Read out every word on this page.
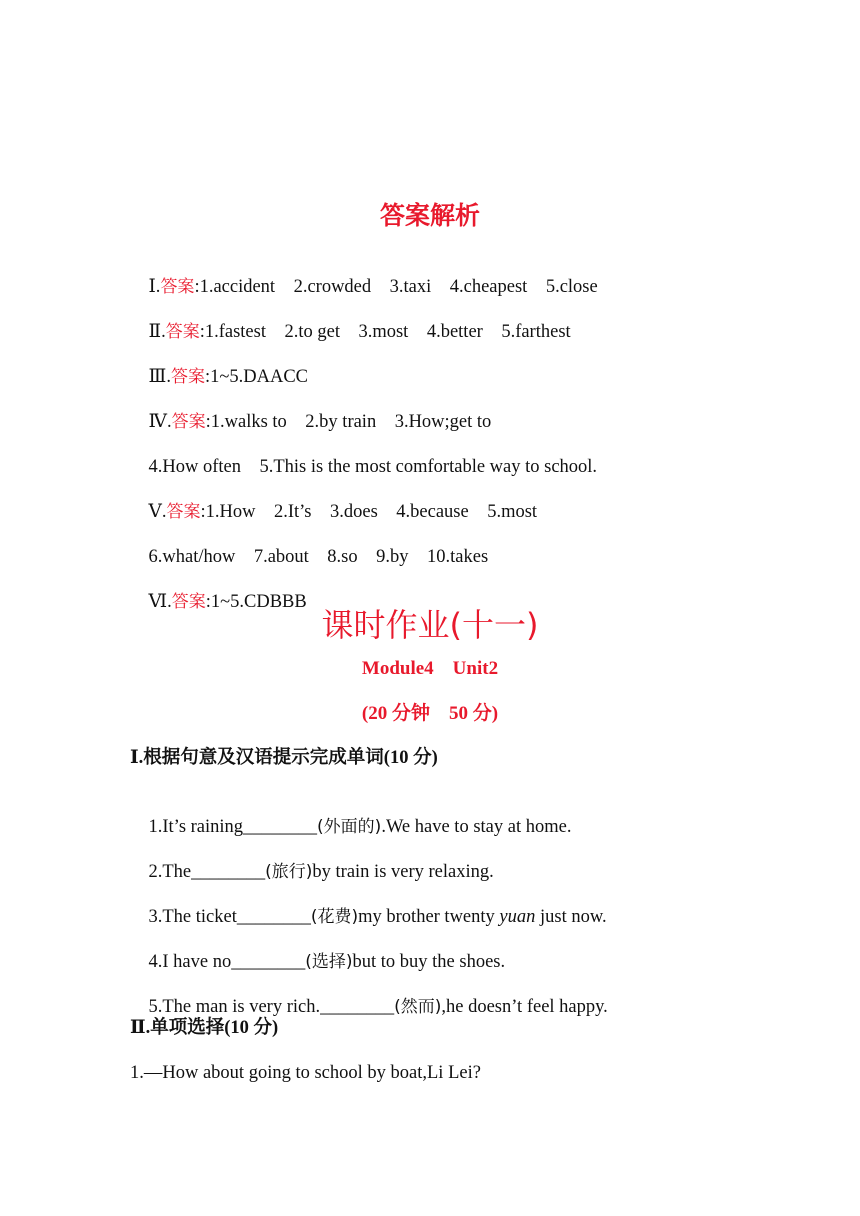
答案解析

Ⅰ.答案:1.accident    2.crowded    3.taxi    4.cheapest    5.close

Ⅱ.答案:1.fastest    2.to get    3.most    4.better    5.farthest

Ⅲ.答案:1~5.DAACC

Ⅳ.答案:1.walks to    2.by train    3.How;get to

4.How often    5.This is the most comfortable way to school.

Ⅴ.答案:1.How    2.It’s    3.does    4.because    5.most

6.what/how    7.about    8.so    9.by    10.takes

Ⅵ.答案:1~5.CDBBB

课时作业(十一)
Module4    Unit2
(20 分钟    50 分)
Ⅰ.根据句意及汉语提示完成单词(10 分)

1.It’s raining________(外面的).We have to stay at home.

2.The________(旅行)by train is very relaxing.

3.The ticket________(花费)my brother twenty yuan just now.

4.I have no________(选择)but to buy the shoes.

5.The man is very rich.________(然而),he doesn’t feel happy.

Ⅱ.单项选择(10 分)
1.—How about going to school by boat,Li Lei?
